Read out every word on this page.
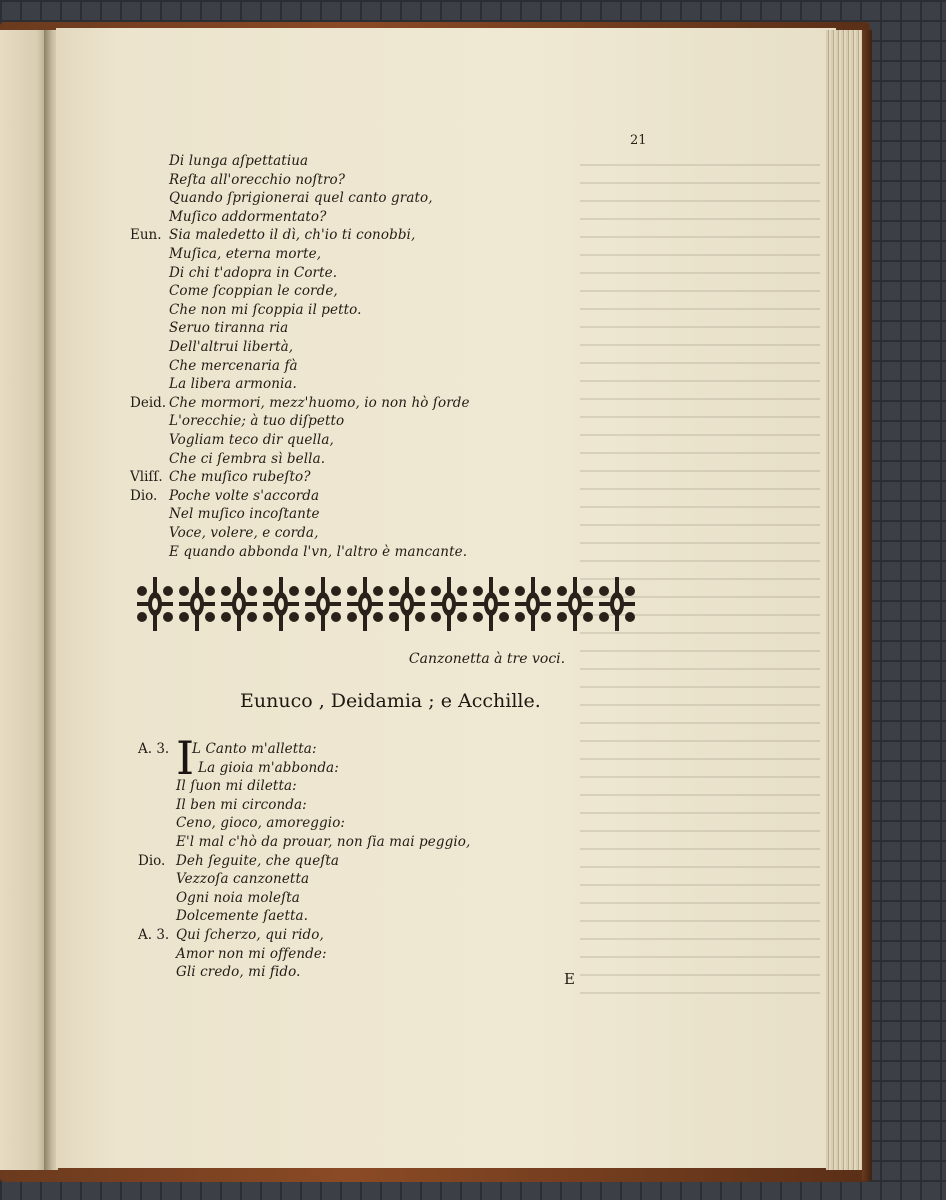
21
Di lunga aſpettatiua
Reſta all'orecchio noſtro?
Quando ſprigionerai quel canto grato,
Muſico addormentato?
Eun. Sia maledetto il dì, ch'io ti conobbi,
Muſica, eterna morte,
Di chi t'adopra in Corte.
Come ſcoppian le corde,
Che non mi ſcoppia il petto.
Seruo tiranna ria
Dell'altrui libertà,
Che mercenaria fà
La libera armonia.
Deid. Che mormori, mezz'huomo, io non hò ſorde
L'orecchie; à tuo diſpetto
Vogliam teco dir quella,
Che ci ſembra sì bella.
Vliſſ. Che muſico rubeſto?
Dio. Poche volte s'accorda
Nel muſico incoſtante
Voce, volere, e corda,
E quando abbonda l'vn, l'altro è mancante.
Canzonetta à tre voci.
Eunuco , Deidamia ; e Acchille.
I
A. 3. L Canto m'alletta:
La gioia m'abbonda:
Il ſuon mi diletta:
Il ben mi circonda:
Ceno, gioco, amoreggio:
E'l mal c'hò da prouar, non ſia mai peggio,
Dio. Deh ſeguite, che queſta
Vezzoſa canzonetta
Ogni noia moleſta
Dolcemente ſaetta.
A. 3. Qui ſcherzo, qui rido,
Amor non mi offende:
Gli credo, mi fido.	E
